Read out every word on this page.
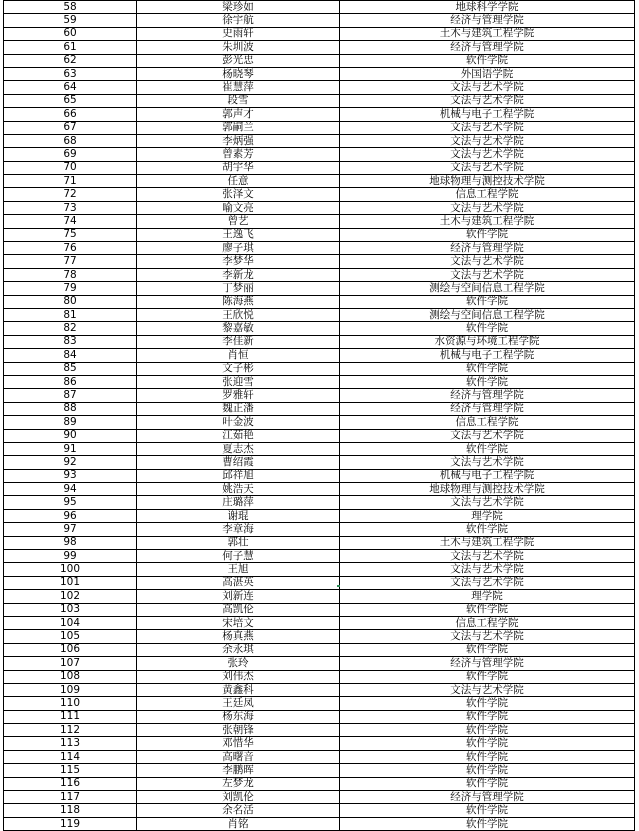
58	梁珍如	地球科学学院
59	徐宇航	经济与管理学院
60	史雨轩	土木与建筑工程学院
61	朱圳波	经济与管理学院
62	彭光忠	软件学院
63	杨晓琴	外国语学院
64	崔慧萍	文法与艺术学院
65	段雪	文法与艺术学院
66	郭声才	机械与电子工程学院
67	郭嗣兰	文法与艺术学院
68	李炳强	文法与艺术学院
69	曾素芳	文法与艺术学院
70	胡宇华	文法与艺术学院
71	任意	地球物理与测控技术学院
72	张泽文	信息工程学院
73	喻文亮	文法与艺术学院
74	曾艺	土木与建筑工程学院
75	王逸飞	软件学院
76	廖子琪	经济与管理学院
77	李梦华	文法与艺术学院
78	李新龙	文法与艺术学院
79	丁梦丽	测绘与空间信息工程学院
80	陈海燕	软件学院
81	王欣悦	测绘与空间信息工程学院
82	黎嘉敏	软件学院
83	李佳新	水资源与环境工程学院
84	肖恒	机械与电子工程学院
85	文子彬	软件学院
86	张迎雪	软件学院
87	罗雅轩	经济与管理学院
88	魏正潘	经济与管理学院
89	叶金波	信息工程学院
90	江茹艳	文法与艺术学院
91	夏志杰	软件学院
92	曹绍霞	文法与艺术学院
93	邱祥旭	机械与电子工程学院
94	姚浩天	地球物理与测控技术学院
95	庄璐萍	文法与艺术学院
96	谢琨	理学院
97	李章海	软件学院
98	郭壮	土木与建筑工程学院
99	何子慧	文法与艺术学院
100	王旭	文法与艺术学院
101	高湛英	文法与艺术学院
102	刘新连	理学院
103	高凯伦	软件学院
104	宋培文	信息工程学院
105	杨真燕	文法与艺术学院
106	余永琪	软件学院
107	张玲	经济与管理学院
108	刘伟杰	软件学院
109	黄鑫科	文法与艺术学院
110	王廷凤	软件学院
111	杨东海	软件学院
112	张朝锋	软件学院
113	邓惜华	软件学院
114	高曙音	软件学院
115	李鹏晖	软件学院
116	左梦龙	软件学院
117	刘凯伦	经济与管理学院
118	余名活	软件学院
119	肖铭	软件学院
